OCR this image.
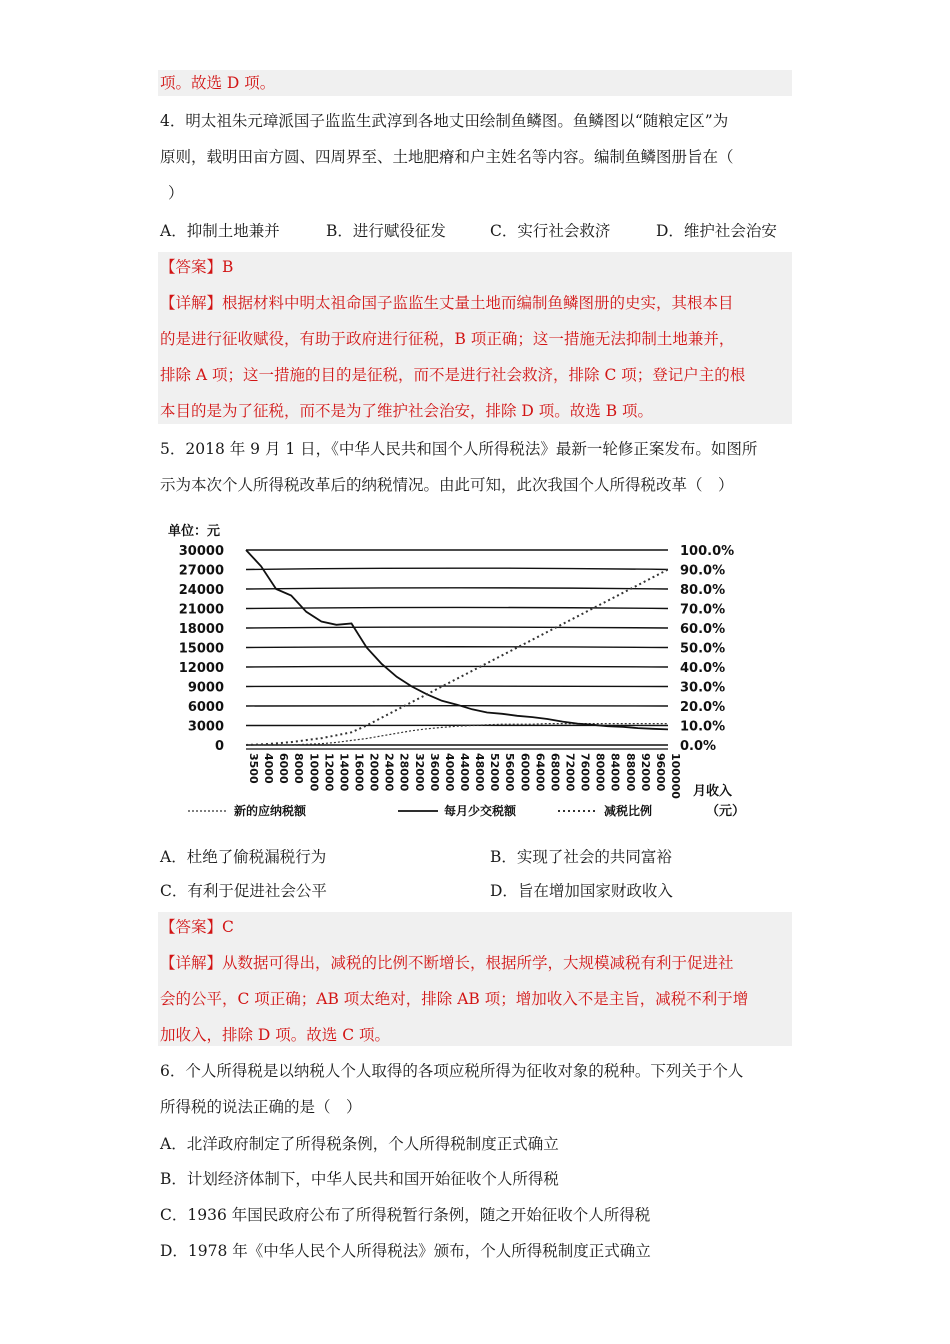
项。故选 D 项。
4．明太祖朱元璋派国子监监生武淳到各地丈田绘制鱼鳞图。鱼鳞图以“随粮定区”为
原则，载明田亩方圆、四周界至、土地肥瘠和户主姓名等内容。编制鱼鳞图册旨在（
）
A．抑制土地兼并	B．进行赋役征发	C．实行社会救济	D．维护社会治安
【答案】B
【详解】根据材料中明太祖命国子监监生丈量土地而编制鱼鳞图册的史实，其根本目
的是进行征收赋役，有助于政府进行征税，B 项正确；这一措施无法抑制土地兼并，
排除 A 项；这一措施的目的是征税，而不是进行社会救济，排除 C 项；登记户主的根
本目的是为了征税，而不是为了维护社会治安，排除 D 项。故选 B 项。
5．2018 年 9 月 1 日，《中华人民共和国个人所得税法》最新一轮修正案发布。如图所
示为本次个人所得税改革后的纳税情况。由此可知，此次我国个人所得税改革（　）
单位：元
30000
27000
24000
21000
18000
15000
12000
9000
6000
3000
0
100.0%
90.0%
80.0%
70.0%
60.0%
50.0%
40.0%
30.0%
20.0%
10.0%
0.0%
3500 4000 6000 8000 10000 12000 14000 16000 20000 24000 28000 32000 36000 40000 44000 48000 52000 56000 60000 64000 68000 72000 76000 80000 84000 88000 92000 96000 100000 月收入
（元）
新的应纳税额	每月少交税额	减税比例
A．杜绝了偷税漏税行为	B．实现了社会的共同富裕
C．有利于促进社会公平	D．旨在增加国家财政收入
【答案】C
【详解】从数据可得出，减税的比例不断增长，根据所学，大规模减税有利于促进社
会的公平，C 项正确；AB 项太绝对，排除 AB 项；增加收入不是主旨，减税不利于增
加收入，排除 D 项。故选 C 项。
6．个人所得税是以纳税人个人取得的各项应税所得为征收对象的税种。下列关于个人
所得税的说法正确的是（　）
A．北洋政府制定了所得税条例，个人所得税制度正式确立
B．计划经济体制下，中华人民共和国开始征收个人所得税
C．1936 年国民政府公布了所得税暂行条例，随之开始征收个人所得税
D．1978 年《中华人民个人所得税法》颁布，个人所得税制度正式确立
